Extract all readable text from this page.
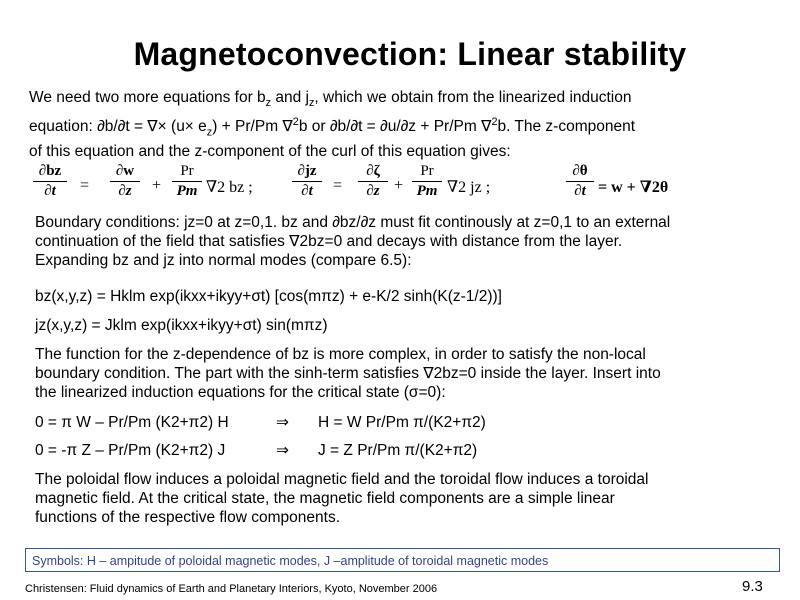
Magnetoconvection: Linear stability
We need two more equations for $b_z$ and $j_z$, which we obtain from the linearized induction
equation: ∂b/∂t = ∇× $(u\times e_z) + Pr/Pm$ ∇$^2$b or ∂b/∂t = ∂u/∂z + Pr/Pm ∇$^2$b. The z-component
of this equation and the z-component of the curl of this equation gives:
∂bz
∂t	=
∂w
∂z	+
Pr
Pm ∇2 bz ;
∂jz
∂t	=
∂ζ
∂z +
Pr
Pm ∇2 jz ;
∂θ
∂t = w + ∇2θ
Boundary conditions: jz=0 at z=0,1. bz and ∂bz/∂z must fit continously at z=0,1 to an external
continuation of the field that satisfies ∇2bz=0 and decays with distance from the layer.
Expanding bz and jz into normal modes (compare 6.5):
bz(x,y,z) = Hklm exp(ikxx+ikyy+σt) [cos(mπz) + e-K/2 sinh(K(z-1/2))]
jz(x,y,z) = Jklm exp(ikxx+ikyy+σt) sin(mπz)
The function for the z-dependence of bz is more complex, in order to satisfy the non-local
boundary condition. The part with the sinh-term satisfies ∇2bz=0 inside the layer. Insert into
the linearized induction equations for the critical state (σ=0):
0 = π W – Pr/Pm (K2+π2) H	⇒ H = W Pr/Pm π/(K2+π2)
0 = -π Z – Pr/Pm (K2+π2) J	⇒ J = Z Pr/Pm π/(K2+π2)
The poloidal flow induces a poloidal magnetic field and the toroidal flow induces a toroidal
magnetic field. At the critical state, the magnetic field components are a simple linear
functions of the respective flow components.
Symbols: H – ampitude of poloidal magnetic modes, J –amplitude of toroidal magnetic modes
Christensen: Fluid dynamics of Earth and Planetary Interiors, Kyoto, November 2006	9.3
